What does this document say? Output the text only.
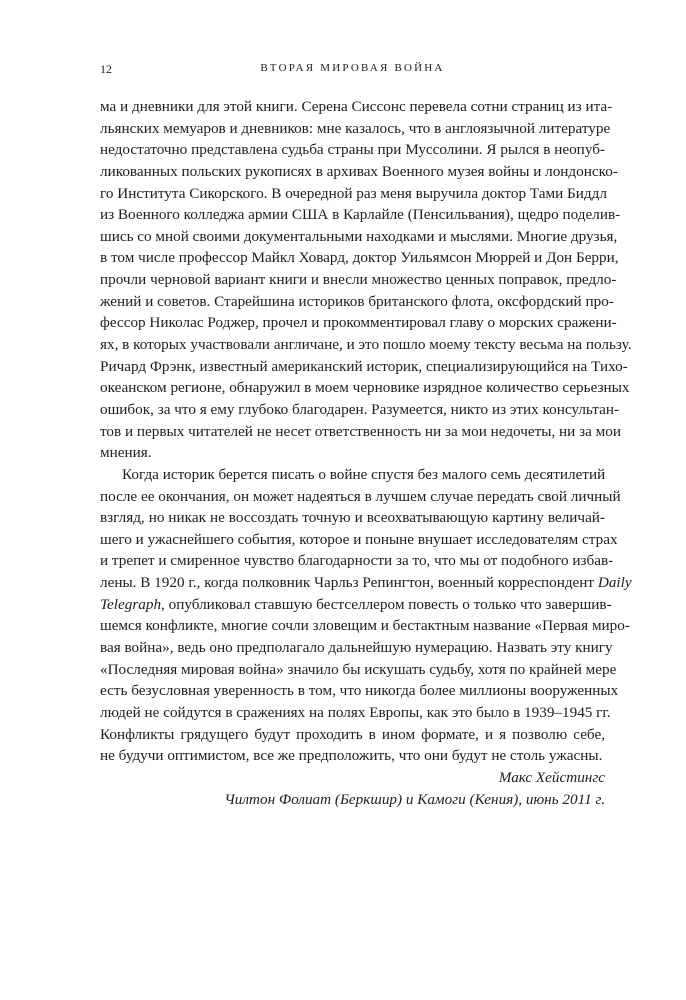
12	ВТОРАЯ МИРОВАЯ ВОЙНА
ма и дневники для этой книги. Серена Сиссонс перевела сотни страниц из ита-
льянских мемуаров и дневников: мне казалось, что в англоязычной литературе
недостаточно представлена судьба страны при Муссолини. Я рылся в неопуб-
ликованных польских рукописях в архивах Военного музея войны и лондонско-
го Института Сикорского. В очередной раз меня выручила доктор Тами Биддл
из Военного колледжа армии США в Карлайле (Пенсильвания), щедро поделив-
шись со мной своими документальными находками и мыслями. Многие друзья,
в том числе профессор Майкл Ховард, доктор Уильямсон Мюррей и Дон Берри,
прочли черновой вариант книги и внесли множество ценных поправок, предло-
жений и советов. Старейшина историков британского флота, оксфордский про-
фессор Николас Роджер, прочел и прокомментировал главу о морских сражени-
ях, в которых участвовали англичане, и это пошло моему тексту весьма на пользу.
Ричард Фрэнк, известный американский историк, специализирующийся на Тихо-
океанском регионе, обнаружил в моем черновике изрядное количество серьезных
ошибок, за что я ему глубоко благодарен. Разумеется, никто из этих консультан-
тов и первых читателей не несет ответственность ни за мои недочеты, ни за мои
мнения.
Когда историк берется писать о войне спустя без малого семь десятилетий
после ее окончания, он может надеяться в лучшем случае передать свой личный
взгляд, но никак не воссоздать точную и всеохватывающую картину величай-
шего и ужаснейшего события, которое и поныне внушает исследователям страх
и трепет и смиренное чувство благодарности за то, что мы от подобного избав-
лены. В 1920 г., когда полковник Чарльз Репингтон, военный корреспондент Daily
Telegraph, опубликовал ставшую бестселлером повесть о только что завершив-
шемся конфликте, многие сочли зловещим и бестактным название «Первая миро-
вая война», ведь оно предполагало дальнейшую нумерацию. Назвать эту книгу
«Последняя мировая война» значило бы искушать судьбу, хотя по крайней мере
есть безусловная уверенность в том, что никогда более миллионы вооруженных
людей не сойдутся в сражениях на полях Европы, как это было в 1939–1945 гг.
Конфликты грядущего будут проходить в ином формате, и я позволю себе,
не будучи оптимистом, все же предположить, что они будут не столь ужасны.
Макс Хейстингс
Чилтон Фолиат (Беркшир) и Камоги (Кения), июнь 2011 г.
